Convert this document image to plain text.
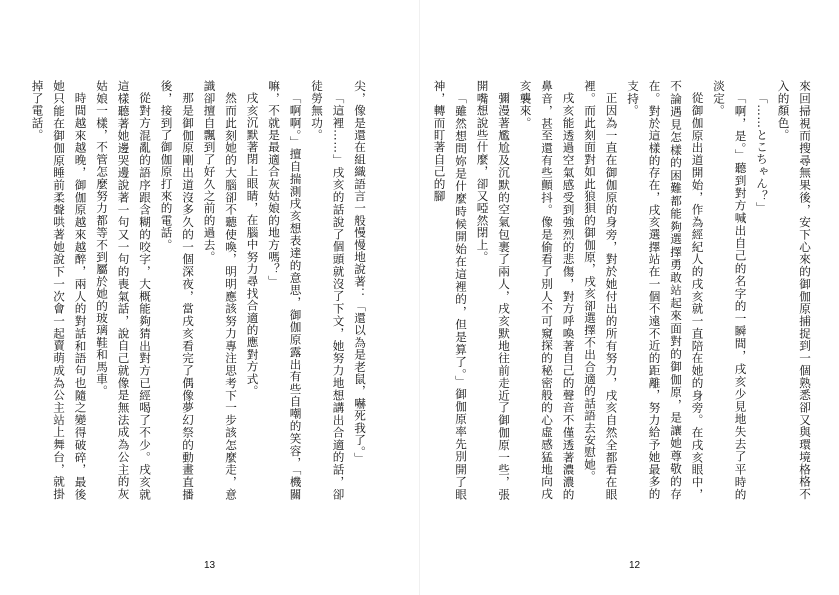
尖，像是還在組織語言一般慢慢地說著：「還以為是老鼠，嚇死我了。」

「這裡……」戌亥的話說了個頭就沒了下文，她努力地想講出合適的話，卻徒勞無功。

「啊啊。」擅自揣測戌亥想表達的意思，御伽原露出有些自嘲的笑容，「機關嘛，不就是最適合灰姑娘的地方嗎？」

戌亥沉默著閉上眼睛，在腦中努力尋找合適的應對方式。

然而此刻她的大腦卻不聽使喚，明明應該努力專注思考下一步該怎麼走，意識卻擅自飄到了好久之前的過去。

那是御伽原剛出道沒多久的一個深夜，當戌亥看完了偶像夢幻祭的動畫直播後，接到了御伽原打來的電話。

從對方混亂的語序跟含糊的咬字，大概能夠猜出對方已經喝了不少。戌亥就這樣聽著她邊哭邊說著一句又一句的喪氣話，說自己就像是無法成為公主的灰姑娘一樣，不管怎麼努力都等不到屬於她的玻璃鞋和馬車。

時間越來越晚，御伽原越來越醉，兩人的對話和語句也隨之變得破碎，最後她只能在御伽原睡前柔聲哄著她說下一次會一起賣萌成為公主站上舞台，就掛掉了電話。

13

來回掃視而搜尋無果後，安下心來的御伽原捕捉到一個熟悉卻又與環境格格不入的顏色。

「……とこちゃん？」

「啊，是。」聽到對方喊出自己的名字的一瞬間，戌亥少見地失去了平時的淡定。

從御伽原出道開始，作為經紀人的戌亥就一直陪在她的身旁。在戌亥眼中，不論遇見怎樣的困難都能夠選擇勇敢站起來面對的御伽原，是讓她尊敬的存在。對於這樣的存在，戌亥選擇站在一個不遠不近的距離，努力給予她最多的支持。

正因為一直在御伽原的身旁，對於她付出的所有努力，戌亥自然全都看在眼裡。而此刻面對如此狼狽的御伽原，戌亥卻選擇不出合適的話語去安慰她。

戌亥能透過空氣感受到強烈的悲傷，對方呼喚著自己的聲音不僅透著濃濃的鼻音，甚至還有些顫抖。像是偷看了別人不可窺探的秘密般的心虛感猛地向戌亥襲來。

彌漫著尷尬及沉默的空氣包裹了兩人，戌亥默地往前走近了御伽原一些，張開嘴想說些什麼，卻又啞然閉上。

「雖然想問妳是什麼時候開始在這裡的，但是算了。」御伽原率先別開了眼神，轉而盯著自己的腳

12
